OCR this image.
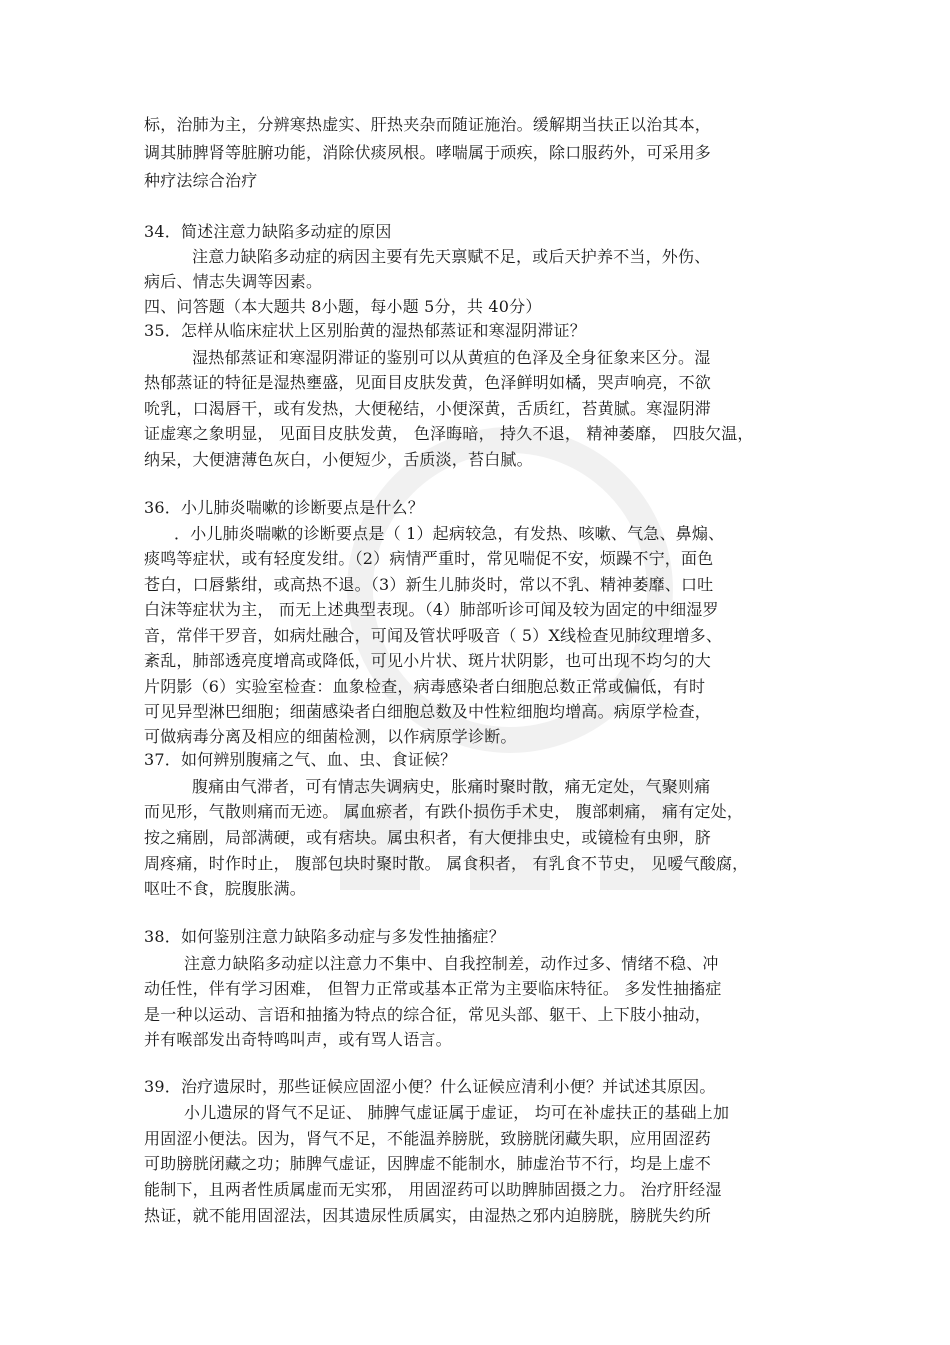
标，治肺为主，分辨寒热虚实、肝热夹杂而随证施治。缓解期当扶正以治其本，
调其肺脾肾等脏腑功能，消除伏痰夙根。哮喘属于顽疾，除口服药外，可采用多
种疗法综合治疗
34．简述注意力缺陷多动症的原因
注意力缺陷多动症的病因主要有先天禀赋不足，或后天护养不当，外伤、
病后、情志失调等因素。
四、问答题（本大题共 8小题，每小题 5分，共 40分）
35．怎样从临床症状上区别胎黄的湿热郁蒸证和寒湿阴滞证？
湿热郁蒸证和寒湿阴滞证的鉴别可以从黄疸的色泽及全身征象来区分。湿
热郁蒸证的特征是湿热壅盛，见面目皮肤发黄，色泽鲜明如橘，哭声响亮，不欲
吮乳，口渴唇干，或有发热，大便秘结，小便深黄，舌质红，苔黄腻。寒湿阴滞
证虚寒之象明显， 见面目皮肤发黄， 色泽晦暗， 持久不退， 精神萎靡， 四肢欠温，
纳呆，大便溏薄色灰白，小便短少，舌质淡，苔白腻。
36．小儿肺炎喘嗽的诊断要点是什么？
．小儿肺炎喘嗽的诊断要点是（ 1）起病较急，有发热、咳嗽、气急、鼻煽、
痰鸣等症状，或有轻度发绀。（2）病情严重时，常见喘促不安，烦躁不宁，面色
苍白，口唇紫绀，或高热不退。（3）新生儿肺炎时，常以不乳、精神萎靡、口吐
白沫等症状为主， 而无上述典型表现。（4）肺部听诊可闻及较为固定的中细湿罗
音，常伴干罗音，如病灶融合，可闻及管状呼吸音（ 5）X线检查见肺纹理增多、
紊乱，肺部透亮度增高或降低，可见小片状、斑片状阴影，也可出现不均匀的大
片阴影（6）实验室检查：血象检查，病毒感染者白细胞总数正常或偏低，有时
可见异型淋巴细胞；细菌感染者白细胞总数及中性粒细胞均增高。病原学检查，
可做病毒分离及相应的细菌检测，以作病原学诊断。
37．如何辨别腹痛之气、血、虫、食证候？
腹痛由气滞者，可有情志失调病史，胀痛时聚时散，痛无定处，气聚则痛
而见形，气散则痛而无迹。 属血瘀者，有跌仆损伤手术史， 腹部刺痛， 痛有定处，
按之痛剧，局部满硬，或有痞块。属虫积者，有大便排虫史，或镜检有虫卵，脐
周疼痛，时作时止， 腹部包块时聚时散。 属食积者， 有乳食不节史， 见嗳气酸腐，
呕吐不食，脘腹胀满。
38．如何鉴别注意力缺陷多动症与多发性抽搐症？
注意力缺陷多动症以注意力不集中、自我控制差，动作过多、情绪不稳、冲
动任性，伴有学习困难， 但智力正常或基本正常为主要临床特征。 多发性抽搐症
是一种以运动、言语和抽搐为特点的综合征，常见头部、躯干、上下肢小抽动，
并有喉部发出奇特鸣叫声，或有骂人语言。
39．治疗遗尿时，那些证候应固涩小便？什么证候应清利小便？并试述其原因。
小儿遗尿的肾气不足证、 肺脾气虚证属于虚证， 均可在补虚扶正的基础上加
用固涩小便法。因为，肾气不足，不能温养膀胱，致膀胱闭藏失职，应用固涩药
可助膀胱闭藏之功；肺脾气虚证，因脾虚不能制水，肺虚治节不行，均是上虚不
能制下，且两者性质属虚而无实邪， 用固涩药可以助脾肺固摄之力。 治疗肝经湿
热证，就不能用固涩法，因其遗尿性质属实，由湿热之邪内迫膀胱，膀胱失约所
